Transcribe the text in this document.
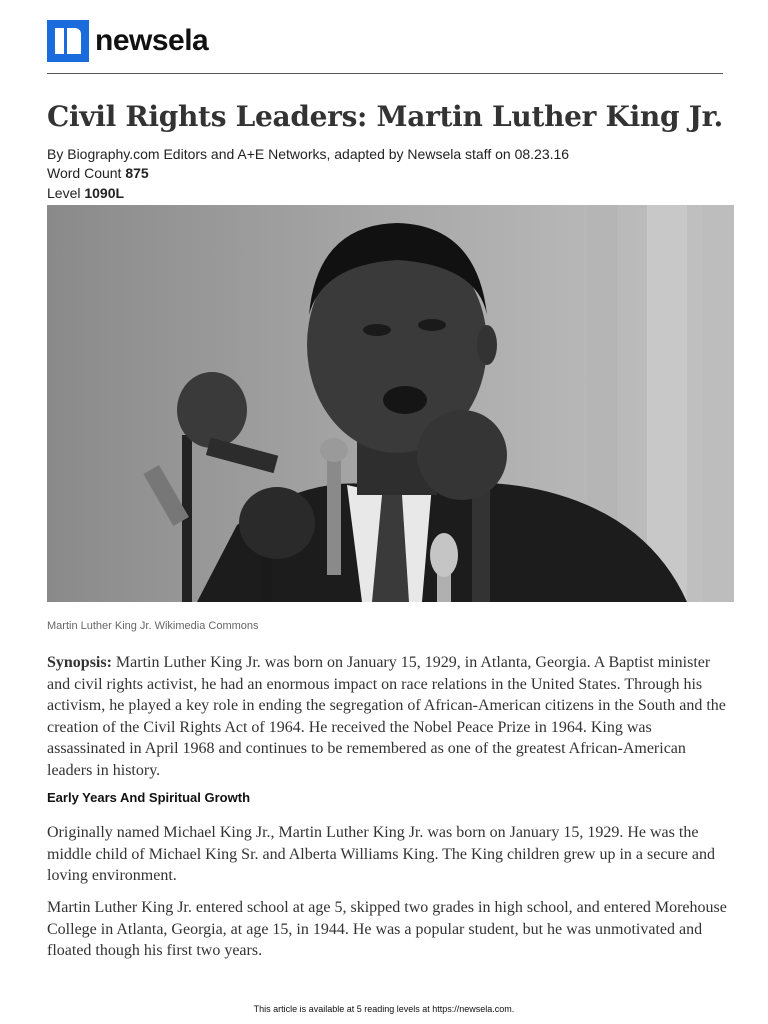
newsela
Civil Rights Leaders: Martin Luther King Jr.
By Biography.com Editors and A+E Networks, adapted by Newsela staff on 08.23.16
Word Count 875
Level 1090L
Martin Luther King Jr. Wikimedia Commons

Synopsis: Martin Luther King Jr. was born on January 15, 1929, in Atlanta, Georgia. A Baptist minister and civil rights activist, he had an enormous impact on race relations in the United States. Through his activism, he played a key role in ending the segregation of African-American citizens in the South and the creation of the Civil Rights Act of 1964. He received the Nobel Peace Prize in 1964. King was assassinated in April 1968 and continues to be remembered as one of the greatest African-American leaders in history.

Early Years And Spiritual Growth

Originally named Michael King Jr., Martin Luther King Jr. was born on January 15, 1929. He was the middle child of Michael King Sr. and Alberta Williams King. The King children grew up in a secure and loving environment.

Martin Luther King Jr. entered school at age 5, skipped two grades in high school, and entered Morehouse College in Atlanta, Georgia, at age 15, in 1944. He was a popular student, but he was unmotivated and floated though his first two years.

This article is available at 5 reading levels at https://newsela.com.
